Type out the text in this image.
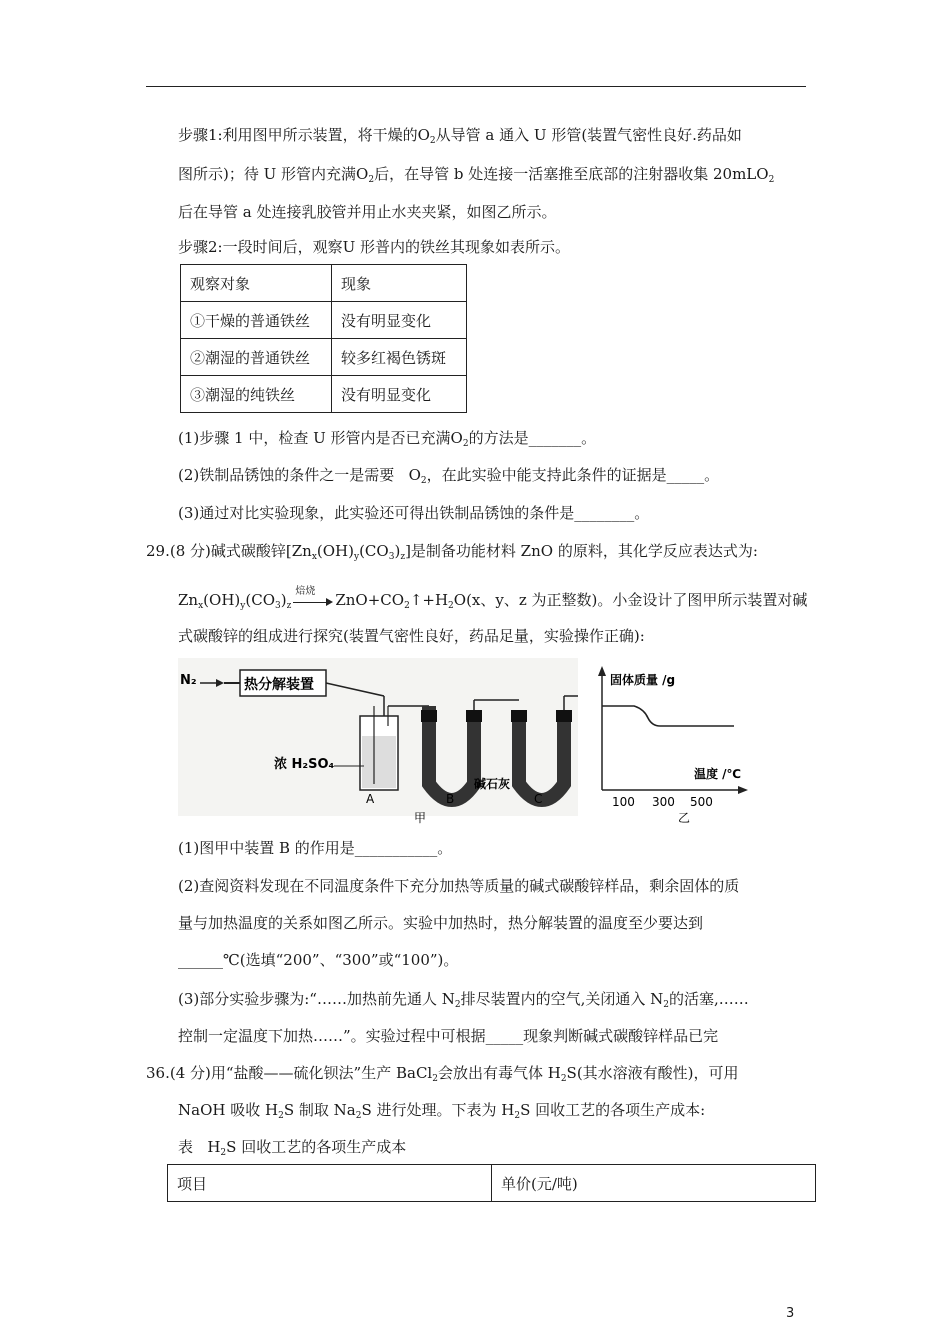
步骤1:利用图甲所示装置，将干燥的$O_2$从导管 a 通入 U 形管(装置气密性良好.药品如
图所示)；待 U 形管内充满$O_2$后，在导管 b 处连接一活塞推至底部的注射器收集 20mLO$_2$
后在导管 a 处连接乳胶管并用止水夹夹紧，如图乙所示。
步骤2:一段时间后，观察U 形普内的铁丝其现象如表所示。
观察对象	现象
①干燥的普通铁丝	没有明显变化
②潮湿的普通铁丝	较多红褐色锈斑
③潮湿的纯铁丝	没有明显变化
(1)步骤 1 中，检查 U 形管内是否已充满$O_2$的方法是_______。
(2)铁制品锈蚀的条件之一是需要 $O_2$，在此实验中能支持此条件的证据是_____。
(3)通过对比实验现象，此实验还可得出铁制品锈蚀的条件是________。
29.(8 分)碱式碳酸锌$[Zn_x(OH)_y(CO_3)_z]$是制备功能材料 ZnO 的原料，其化学反应表达式为:
$Zn_x(OH)_y(CO_3)_z$
焙烧 $ZnO+CO_2↑+H_2O(x$、y、z 为正整数)。小金设计了图甲所示装置对碱
式碳酸锌的组成进行探究(装置气密性良好，药品足量，实验操作正确):
N₂	热分解装置
浓 H₂SO₄
碱石灰
A	B	C
甲
固体质量 /g
温度 /℃
100 300 500
乙
(1)图甲中装置 B 的作用是___________。
(2)查阅资料发现在不同温度条件下充分加热等质量的碱式碳酸锌样品，剩余固体的质
量与加热温度的关系如图乙所示。实验中加热时，热分解装置的温度至少要达到
______℃(选填“200”、“300”或“100”)。
(3)部分实验步骤为:“……加热前先通人 $N_2$排尽装置内的空气,关闭通入 $N_2$的活塞,……
控制一定温度下加热……”。实验过程中可根据_____现象判断碱式碳酸锌样品已完
36.(4 分)用“盐酸——硫化钡法”生产 BaCl$_2$会放出有毒气体 $H_2S$(其水溶液有酸性)，可用
NaOH 吸收 $H_2S$ 制取 $Na_2S$ 进行处理。下表为 $H_2S$ 回收工艺的各项生产成本:
表 $H_2S$ 回收工艺的各项生产成本
项目	单价(元/吨)
3
